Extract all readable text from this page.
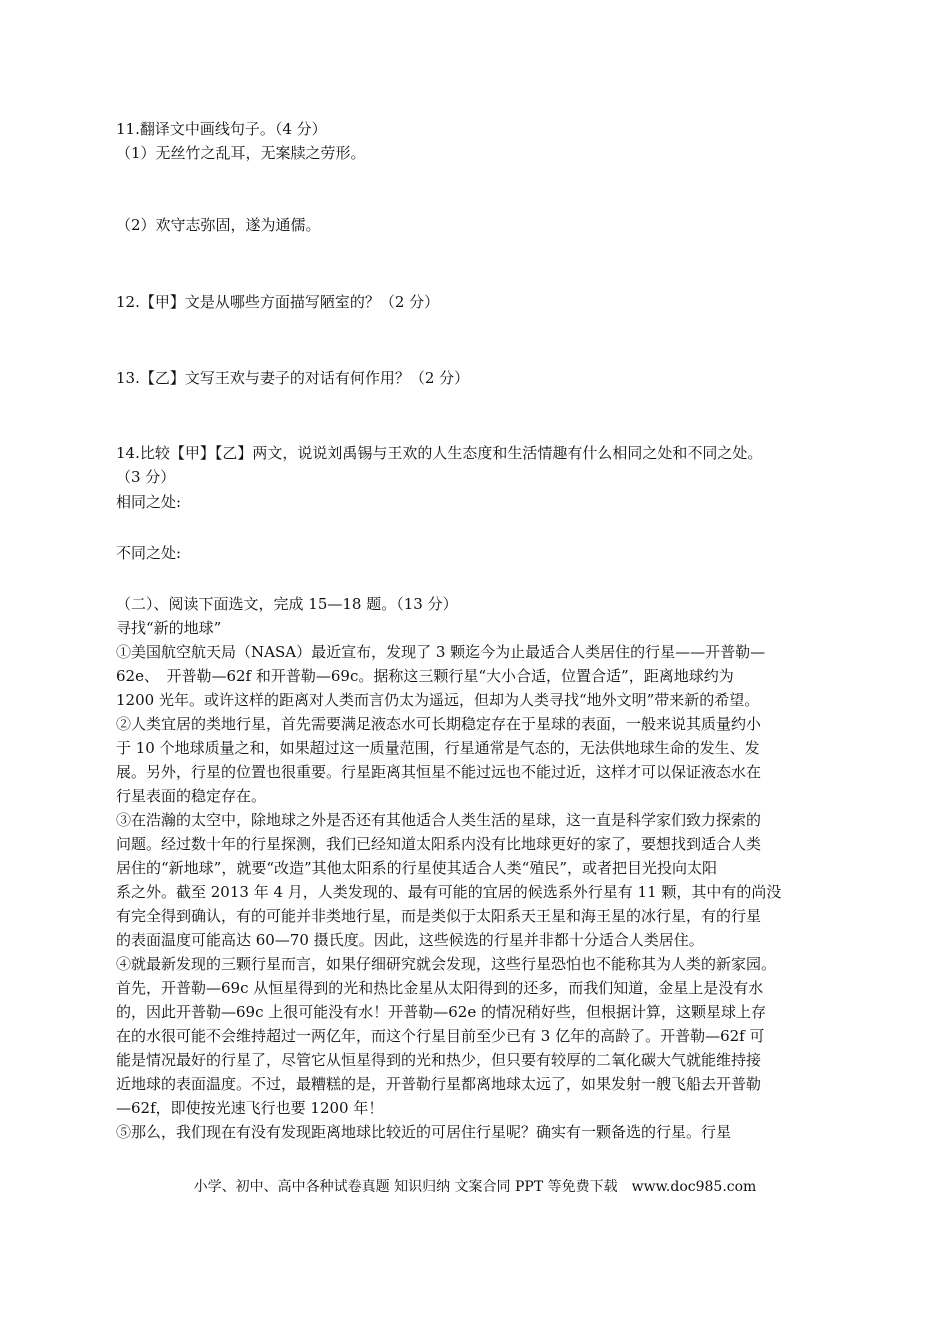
11.翻译文中画线句子。（4 分）
（1）无丝竹之乱耳，无案牍之劳形。
（2）欢守志弥固，遂为通儒。
12.【甲】文是从哪些方面描写陋室的？（2 分）
13.【乙】文写王欢与妻子的对话有何作用？（2 分）
14.比较【甲】【乙】两文，说说刘禹锡与王欢的人生态度和生活情趣有什么相同之处和不同之处。
（3 分）
相同之处:
不同之处:
（二）、阅读下面选文，完成 15—18 题。（13 分）
寻找“新的地球”
①美国航空航天局（NASA）最近宣布，发现了 3 颗迄今为止最适合人类居住的行星——开普勒—
62e、　开普勒—62f 和开普勒—69c。据称这三颗行星“大小合适，位置合适”，距离地球约为
1200 光年。或许这样的距离对人类而言仍太为遥远，但却为人类寻找“地外文明”带来新的希望。
②人类宜居的类地行星，首先需要满足液态水可长期稳定存在于星球的表面，一般来说其质量约小
于 10 个地球质量之和，如果超过这一质量范围，行星通常是气态的，无法供地球生命的发生、发
展。另外，行星的位置也很重要。行星距离其恒星不能过远也不能过近，这样才可以保证液态水在
行星表面的稳定存在。
③在浩瀚的太空中，除地球之外是否还有其他适合人类生活的星球，这一直是科学家们致力探索的
问题。经过数十年的行星探测，我们已经知道太阳系内没有比地球更好的家了，要想找到适合人类
居住的“新地球”，就要“改造”其他太阳系的行星使其适合人类“殖民”，或者把目光投向太阳
系之外。截至 2013 年 4 月，人类发现的、最有可能的宜居的候选系外行星有 11 颗，其中有的尚没
有完全得到确认，有的可能并非类地行星，而是类似于太阳系天王星和海王星的冰行星，有的行星
的表面温度可能高达 60—70 摄氏度。因此，这些候选的行星并非都十分适合人类居住。
④就最新发现的三颗行星而言，如果仔细研究就会发现，这些行星恐怕也不能称其为人类的新家园。
首先，开普勒—69c 从恒星得到的光和热比金星从太阳得到的还多，而我们知道，金星上是没有水
的，因此开普勒—69c 上很可能没有水！开普勒—62e 的情况稍好些，但根据计算，这颗星球上存
在的水很可能不会维持超过一两亿年，而这个行星目前至少已有 3 亿年的高龄了。开普勒—62f 可
能是情况最好的行星了，尽管它从恒星得到的光和热少，但只要有较厚的二氧化碳大气就能维持接
近地球的表面温度。不过，最糟糕的是，开普勒行星都离地球太远了，如果发射一艘飞船去开普勒
—62f，即使按光速飞行也要 1200 年！
⑤那么，我们现在有没有发现距离地球比较近的可居住行星呢？确实有一颗备选的行星。行星
小学、初中、高中各种试卷真题 知识归纳 文案合同 PPT 等免费下载　www.doc985.com
